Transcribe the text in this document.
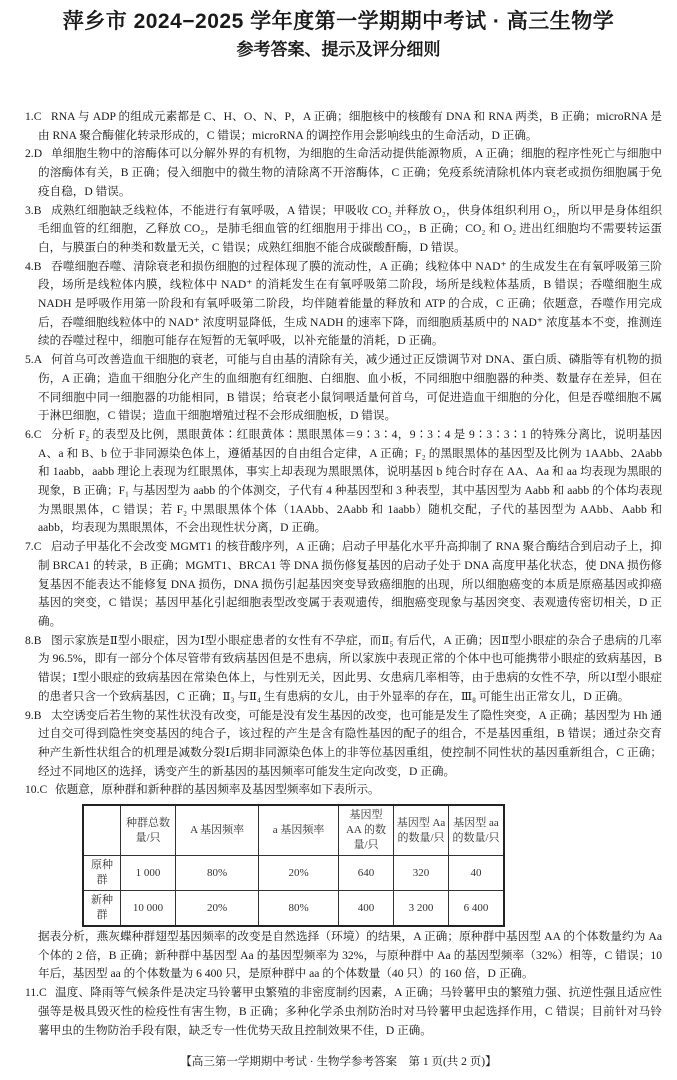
萍乡市 2024−2025 学年度第一学期期中考试 · 高三生物学
参考答案、提示及评分细则
1.C RNA 与 ADP 的组成元素都是 C、H、O、N、P，A 正确；细胞核中的核酸有 DNA 和 RNA 两类，B 正确；microRNA 是由 RNA 聚合酶催化转录形成的，C 错误；microRNA 的调控作用会影响线虫的生命活动，D 正确。
2.D 单细胞生物中的溶酶体可以分解外界的有机物，为细胞的生命活动提供能源物质，A 正确；细胞的程序性死亡与细胞中的溶酶体有关，B 正确；侵入细胞中的微生物的清除离不开溶酶体，C 正确；免疫系统清除机体内衰老或损伤细胞属于免疫自稳，D 错误。
3.B 成熟红细胞缺乏线粒体，不能进行有氧呼吸，A 错误；甲吸收 CO₂ 并释放 O₂，供身体组织利用 O₂，所以甲是身体组织毛细血管的红细胞，乙释放 CO₂，是肺毛细血管的红细胞用于排出 CO₂，B 正确；CO₂ 和 O₂ 进出红细胞均不需要转运蛋白，与膜蛋白的种类和数量无关，C 错误；成熟红细胞不能合成碳酸酐酶，D 错误。
4.B 吞噬细胞吞噬、清除衰老和损伤细胞的过程体现了膜的流动性，A 正确；线粒体中 NAD⁺ 的生成发生在有氧呼吸第三阶段，场所是线粒体内膜，线粒体中 NAD⁺ 的消耗发生在有氧呼吸第二阶段，场所是线粒体基质，B 错误；吞噬细胞生成 NADH 是呼吸作用第一阶段和有氧呼吸第二阶段，均伴随着能量的释放和 ATP 的合成，C 正确；依题意，吞噬作用完成后，吞噬细胞线粒体中的 NAD⁺ 浓度明显降低，生成 NADH 的速率下降，而细胞质基质中的 NAD⁺ 浓度基本不变，推测连续的吞噬过程中，细胞可能存在短暂的无氧呼吸，以补充能量的消耗，D 正确。
5.A 何首乌可改善造血干细胞的衰老，可能与自由基的清除有关，减少通过正反馈调节对 DNA、蛋白质、磷脂等有机物的损伤，A 正确；造血干细胞分化产生的血细胞有红细胞、白细胞、血小板，不同细胞中细胞器的种类、数量存在差异，但在不同细胞中同一细胞器的功能相同，B 错误；给衰老小鼠饲喂适量何首乌，可促进造血干细胞的分化，但是吞噬细胞不属于淋巴细胞，C 错误；造血干细胞增殖过程不会形成细胞板，D 错误。
6.C 分析 F₂ 的表型及比例，黑眼黄体∶红眼黄体∶黑眼黑体＝9∶3∶4，9∶3∶4 是 9∶3∶3∶1 的特殊分离比，说明基因 A、a 和 B、b 位于非同源染色体上，遵循基因的自由组合定律，A 正确；F₂ 的黑眼黑体的基因型及比例为 1AAbb、2Aabb 和 1aabb，aabb 理论上表现为红眼黑体，事实上却表现为黑眼黑体，说明基因 b 纯合时存在 AA、Aa 和 aa 均表现为黑眼的现象，B 正确；F₁ 与基因型为 aabb 的个体测交，子代有 4 种基因型和 3 种表型，其中基因型为 Aabb 和 aabb 的个体均表现为黑眼黑体，C 错误；若 F₂ 中黑眼黑体个体（1AAbb、2Aabb 和 1aabb）随机交配，子代的基因型为 AAbb、Aabb 和 aabb，均表现为黑眼黑体，不会出现性状分离，D 正确。
7.C 启动子甲基化不会改变 MGMT1 的核苷酸序列，A 正确；启动子甲基化水平升高抑制了 RNA 聚合酶结合到启动子上，抑制 BRCA1 的转录，B 正确；MGMT1、BRCA1 等 DNA 损伤修复基因的启动子处于 DNA 高度甲基化状态，使 DNA 损伤修复基因不能表达不能修复 DNA 损伤，DNA 损伤引起基因突变导致癌细胞的出现，所以细胞癌变的本质是原癌基因或抑癌基因的突变，C 错误；基因甲基化引起细胞表型改变属于表观遗传，细胞癌变现象与基因突变、表观遗传密切相关，D 正确。
8.B 图示家族是Ⅱ型小眼症，因为Ⅰ型小眼症患者的女性有不孕症，而Ⅱ₅ 有后代，A 正确；因Ⅱ型小眼症的杂合子患病的几率为 96.5%，即有一部分个体尽管带有致病基因但是不患病，所以家族中表现正常的个体中也可能携带小眼症的致病基因，B 错误；Ⅰ型小眼症的致病基因在常染色体上，与性别无关，因此男、女患病几率相等，由于患病的女性不孕，所以Ⅰ型小眼症的患者只含一个致病基因，C 正确；Ⅱ₃ 与Ⅱ₄ 生有患病的女儿，由于外显率的存在，Ⅲ₈ 可能生出正常女儿，D 正确。
9.B 太空诱变后若生物的某性状没有改变，可能是没有发生基因的改变，也可能是发生了隐性突变，A 正确；基因型为 Hh 通过自交可得到隐性突变基因的纯合子，该过程的产生是含有隐性基因的配子的组合，不是基因重组，B 错误；通过杂交育种产生新性状组合的机理是减数分裂Ⅰ后期非同源染色体上的非等位基因重组，使控制不同性状的基因重新组合，C 正确；经过不同地区的选择，诱变产生的新基因的基因频率可能发生定向改变，D 正确。
10.C 依题意，原种群和新种群的基因频率及基因型频率如下表所示。
	种群总数量/只	A 基因频率	a 基因频率	基因型 AA 的数量/只	基因型 Aa 的数量/只	基因型 aa 的数量/只
原种群	1 000	80%	20%	640	320	40
新种群	10 000	20%	80%	400	3 200	6 400
据表分析，燕灰蝶种群翅型基因频率的改变是自然选择（环境）的结果，A 正确；原种群中基因型 AA 的个体数量约为 Aa 个体的 2 倍，B 正确；新种群中基因型 Aa 的基因型频率为 32%，与原种群中 Aa 的基因型频率（32%）相等，C 错误；10 年后，基因型 aa 的个体数量为 6 400 只，是原种群中 aa 的个体数量（40 只）的 160 倍，D 正确。
11.C 温度、降雨等气候条件是决定马铃薯甲虫繁殖的非密度制约因素，A 正确；马铃薯甲虫的繁殖力强、抗逆性强且适应性强等是极具毁灭性的检疫性有害生物，B 正确；多种化学杀虫剂防治时对马铃薯甲虫起选择作用，C 错误；目前针对马铃薯甲虫的生物防治手段有限，缺乏专一性优势天敌且控制效果不佳，D 正确。
【高三第一学期期中考试 · 生物学参考答案　第 1 页(共 2 页)】
